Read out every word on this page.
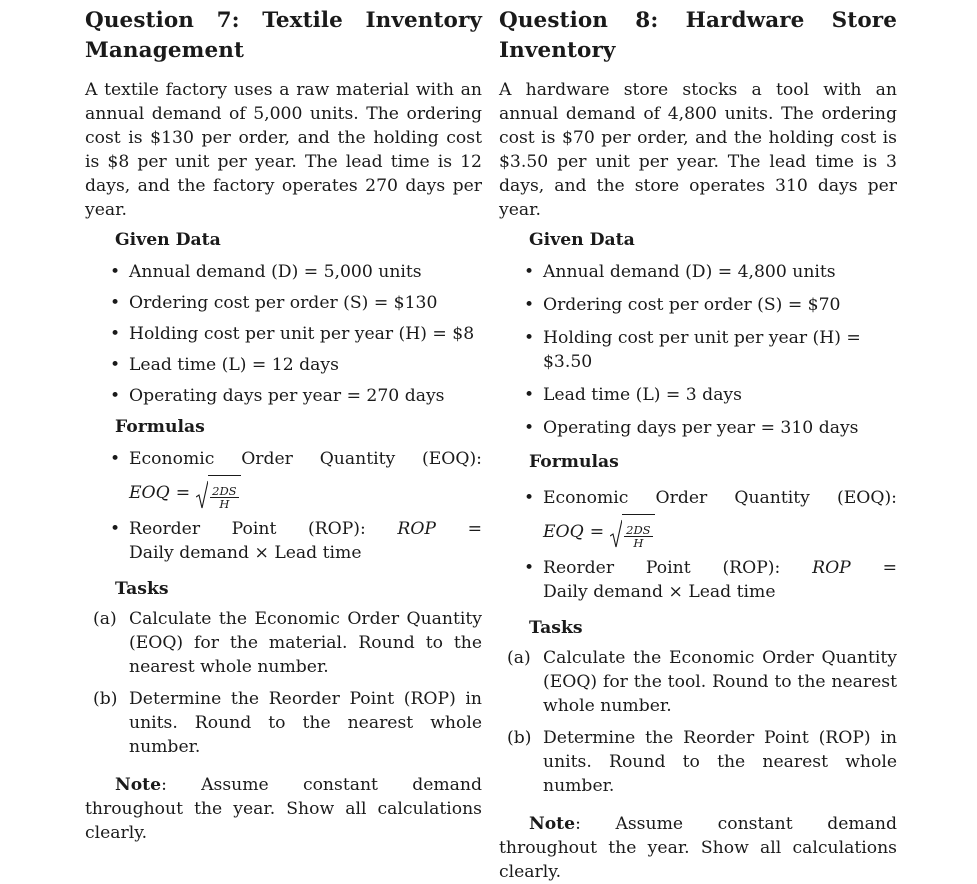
Question 7: Textile Inventory Management

A textile factory uses a raw material with an annual demand of 5,000 units. The ordering cost is $130 per order, and the holding cost is $8 per unit per year. The lead time is 12 days, and the factory operates 270 days per year.

Given Data
• Annual demand (D) = 5,000 units
• Ordering cost per order (S) = $130
• Holding cost per unit per year (H) = $8
• Lead time (L) = 12 days
• Operating days per year = 270 days
Formulas
• Economic Order Quantity (EOQ):
EOQ = $\frac{2DS}{H}$
• Reorder Point (ROP): ROP =
Daily demand × Lead time
Tasks
(a) Calculate the Economic Order Quantity (EOQ) for the material. Round to the nearest whole number.
(b) Determine the Reorder Point (ROP) in units. Round to the nearest whole number.

Note: Assume constant demand throughout the year. Show all calculations clearly.

Question 8: Hardware Store Inventory

A hardware store stocks a tool with an annual demand of 4,800 units. The ordering cost is $70 per order, and the holding cost is $3.50 per unit per year. The lead time is 3 days, and the store operates 310 days per year.

Given Data
• Annual demand (D) = 4,800 units
• Ordering cost per order (S) = $70
• Holding cost per unit per year (H) = $3.50
• Lead time (L) = 3 days
• Operating days per year = 310 days
Formulas
• Economic Order Quantity (EOQ):
EOQ = $\frac{2DS}{H}$
• Reorder Point (ROP): ROP =
Daily demand × Lead time
Tasks
(a) Calculate the Economic Order Quantity (EOQ) for the tool. Round to the nearest whole number.
(b) Determine the Reorder Point (ROP) in units. Round to the nearest whole number.

Note: Assume constant demand throughout the year. Show all calculations clearly.
